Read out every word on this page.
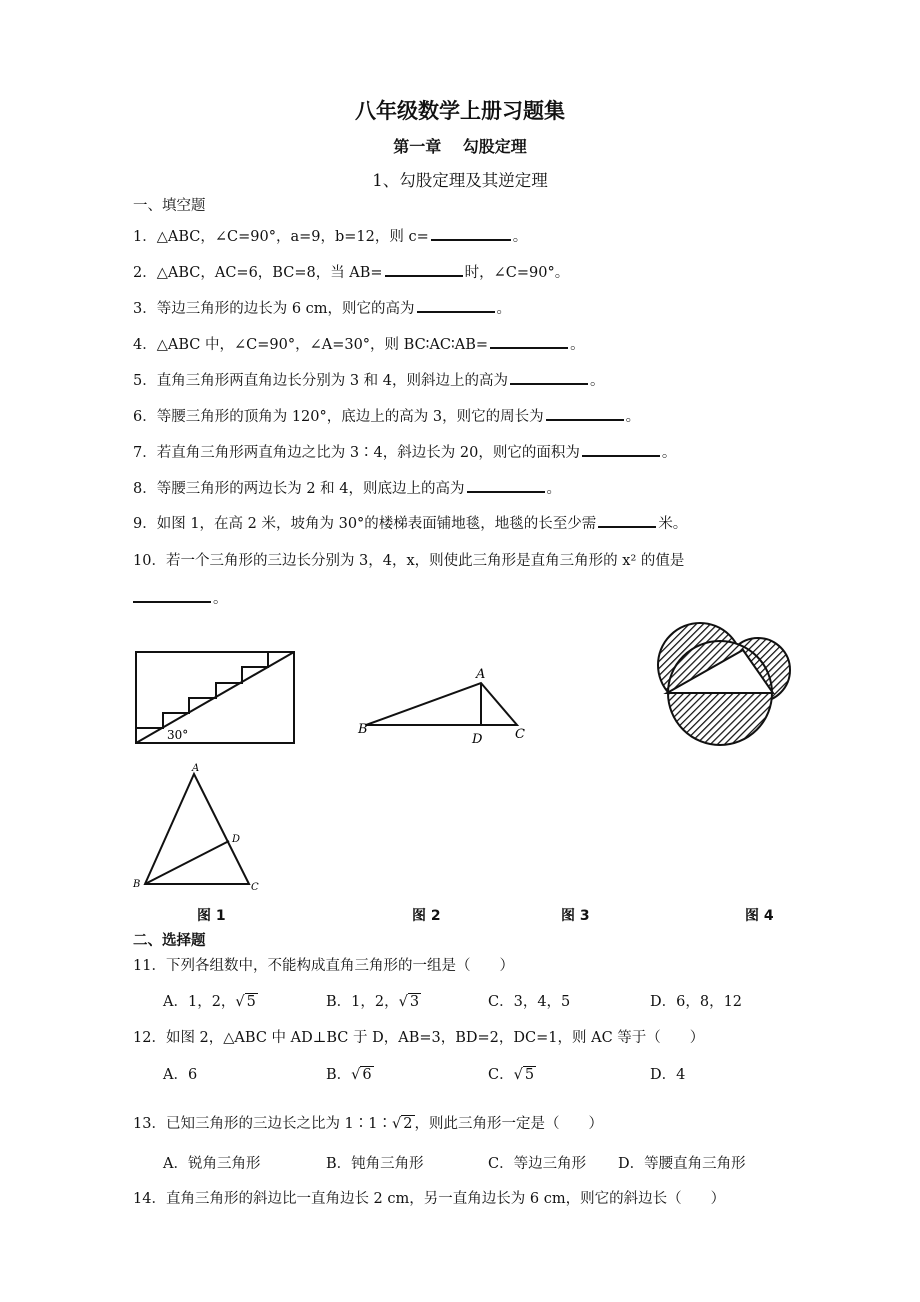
八年级数学上册习题集
第一章　 勾股定理
1、勾股定理及其逆定理
一、填空题
1．△ABC，∠C=90°，a=9，b=12，则 c=	。
2．△ABC，AC=6，BC=8，当 AB=	时，∠C=90°。
3．等边三角形的边长为 6 cm，则它的高为	。
4．△ABC 中，∠C=90°，∠A=30°，则 BC∶AC∶AB=	。
5．直角三角形两直角边长分别为 3 和 4，则斜边上的高为	。
6．等腰三角形的顶角为 120°，底边上的高为 3，则它的周长为	。
7．若直角三角形两直角边之比为 3∶4，斜边长为 20，则它的面积为	。
8．等腰三角形的两边长为 2 和 4，则底边上的高为	。
9．如图 1，在高 2 米，坡角为 30°的楼梯表面铺地毯，地毯的长至少需	米。
10．若一个三角形的三边长分别为 3，4，x，则使此三角形是直角三角形的 x² 的值是
。
30°
A
B	C
D
A
B	C
D
图 1	图 2	图 3	图 4
二、选择题
11．下列各组数中，不能构成直角三角形的一组是（　　）
A．1，2，√ 5	B．1，2，√ 3	C．3，4，5	D．6，8，12
12．如图 2，△ABC 中 AD⊥BC 于 D，AB=3，BD=2，DC=1，则 AC 等于（　　）
A．6	B．√ 6	C．√ 5	D．4
13．已知三角形的三边长之比为 1∶1∶√ 2 ，则此三角形一定是（　　）
A．锐角三角形	B．钝角三角形	C．等边三角形 D．等腰直角三角形
14．直角三角形的斜边比一直角边长 2 cm，另一直角边长为 6 cm，则它的斜边长（　　）
